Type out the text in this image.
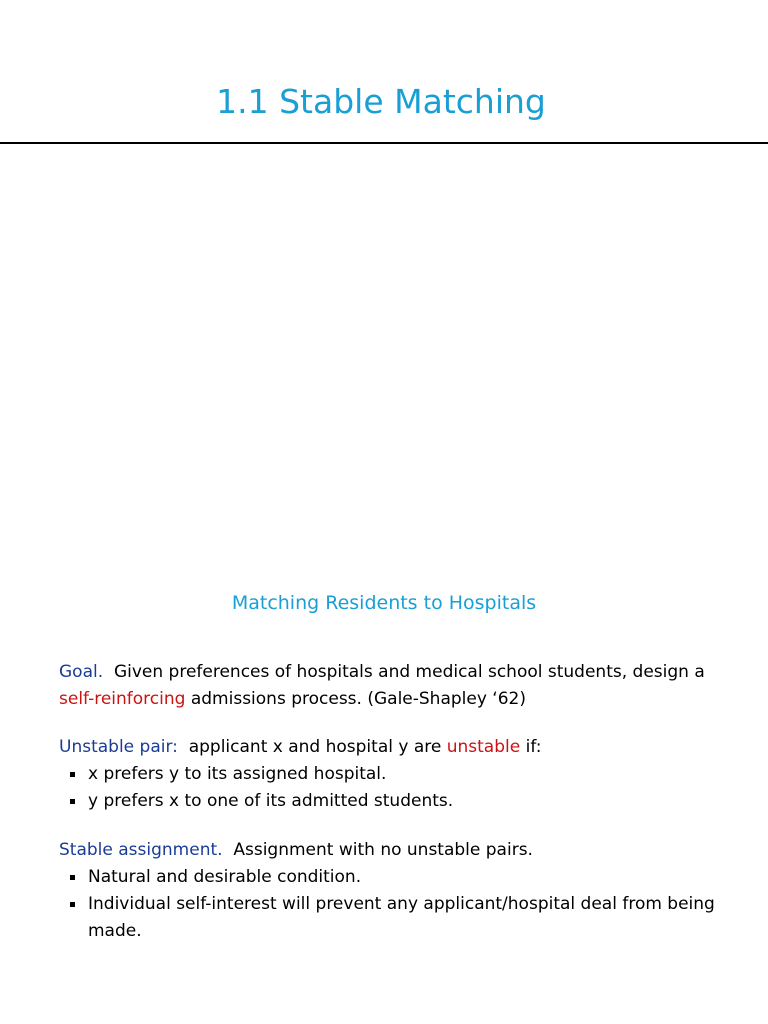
1.1 Stable Matching
Matching Residents to Hospitals

Goal. Given preferences of hospitals and medical school students, design a self-reinforcing admissions process. (Gale-Shapley ‘62)

Unstable pair: applicant x and hospital y are unstable if:
x prefers y to its assigned hospital.
y prefers x to one of its admitted students.
Stable assignment. Assignment with no unstable pairs.
Natural and desirable condition.
Individual self-interest will prevent any applicant/hospital deal from being made.
